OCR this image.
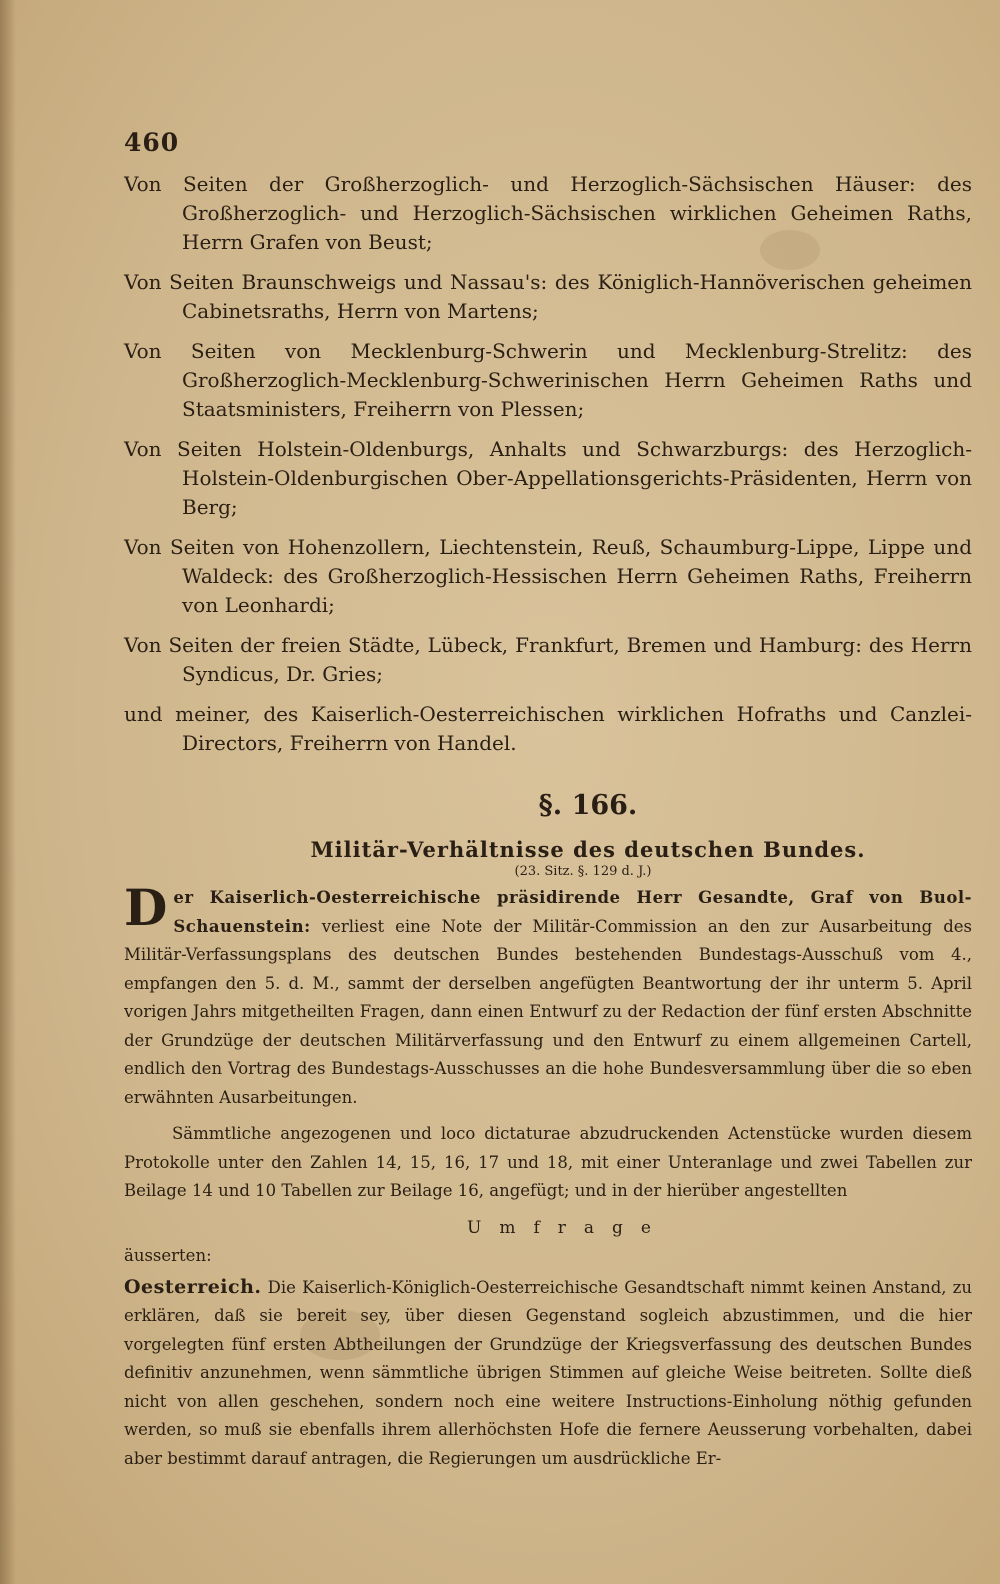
460

Von Seiten der Großherzoglich- und Herzoglich-Sächsischen Häuser: des Großherzoglich- und Herzoglich-Sächsischen wirklichen Geheimen Raths, Herrn Grafen von Beust;

Von Seiten Braunschweigs und Nassau's: des Königlich-Hannöverischen geheimen Cabinetsraths, Herrn von Martens;

Von Seiten von Mecklenburg-Schwerin und Mecklenburg-Strelitz: des Großherzoglich-Mecklenburg-Schwerinischen Herrn Geheimen Raths und Staatsministers, Freiherrn von Plessen;

Von Seiten Holstein-Oldenburgs, Anhalts und Schwarzburgs: des Herzoglich-Holstein-Oldenburgischen Ober-Appellationsgerichts-Präsidenten, Herrn von Berg;

Von Seiten von Hohenzollern, Liechtenstein, Reuß, Schaumburg-Lippe, Lippe und Waldeck: des Großherzoglich-Hessischen Herrn Geheimen Raths, Freiherrn von Leonhardi;

Von Seiten der freien Städte, Lübeck, Frankfurt, Bremen und Hamburg: des Herrn Syndicus, Dr. Gries;

und meiner, des Kaiserlich-Oesterreichischen wirklichen Hofraths und Canzlei-Directors, Freiherrn von Handel.

§. 166.

Militär-Verhältnisse des deutschen Bundes.

(23. Sitz. §. 129 d. J.)

D er Kaiserlich-Oesterreichische präsidirende Herr Gesandte, Graf von Buol-Schauenstein: verliest eine Note der Militär-Commission an den zur Ausarbeitung des Militär-Verfassungsplans des deutschen Bundes bestehenden Bundestags-Ausschuß vom 4., empfangen den 5. d. M., sammt der derselben angefügten Beantwortung der ihr unterm 5. April vorigen Jahrs mitgetheilten Fragen, dann einen Entwurf zu der Redaction der fünf ersten Abschnitte der Grundzüge der deutschen Militärverfassung und den Entwurf zu einem allgemeinen Cartell, endlich den Vortrag des Bundestags-Ausschusses an die hohe Bundesversammlung über die so eben erwähnten Ausarbeitungen.

Sämmtliche angezogenen und loco dictaturae abzudruckenden Actenstücke wurden diesem Protokolle unter den Zahlen 14, 15, 16, 17 und 18, mit einer Unteranlage und zwei Tabellen zur Beilage 14 und 10 Tabellen zur Beilage 16, angefügt; und in der hierüber angestellten

Umfrage

äusserten:

Oesterreich. Die Kaiserlich-Königlich-Oesterreichische Gesandtschaft nimmt keinen Anstand, zu erklären, daß sie bereit sey, über diesen Gegenstand sogleich abzustimmen, und die hier vorgelegten fünf ersten Abtheilungen der Grundzüge der Kriegsverfassung des deutschen Bundes definitiv anzunehmen, wenn sämmtliche übrigen Stimmen auf gleiche Weise beitreten. Sollte dieß nicht von allen geschehen, sondern noch eine weitere Instructions-Einholung nöthig gefunden werden, so muß sie ebenfalls ihrem allerhöchsten Hofe die fernere Aeusserung vorbehalten, dabei aber bestimmt darauf antragen, die Regierungen um ausdrückliche Er-
